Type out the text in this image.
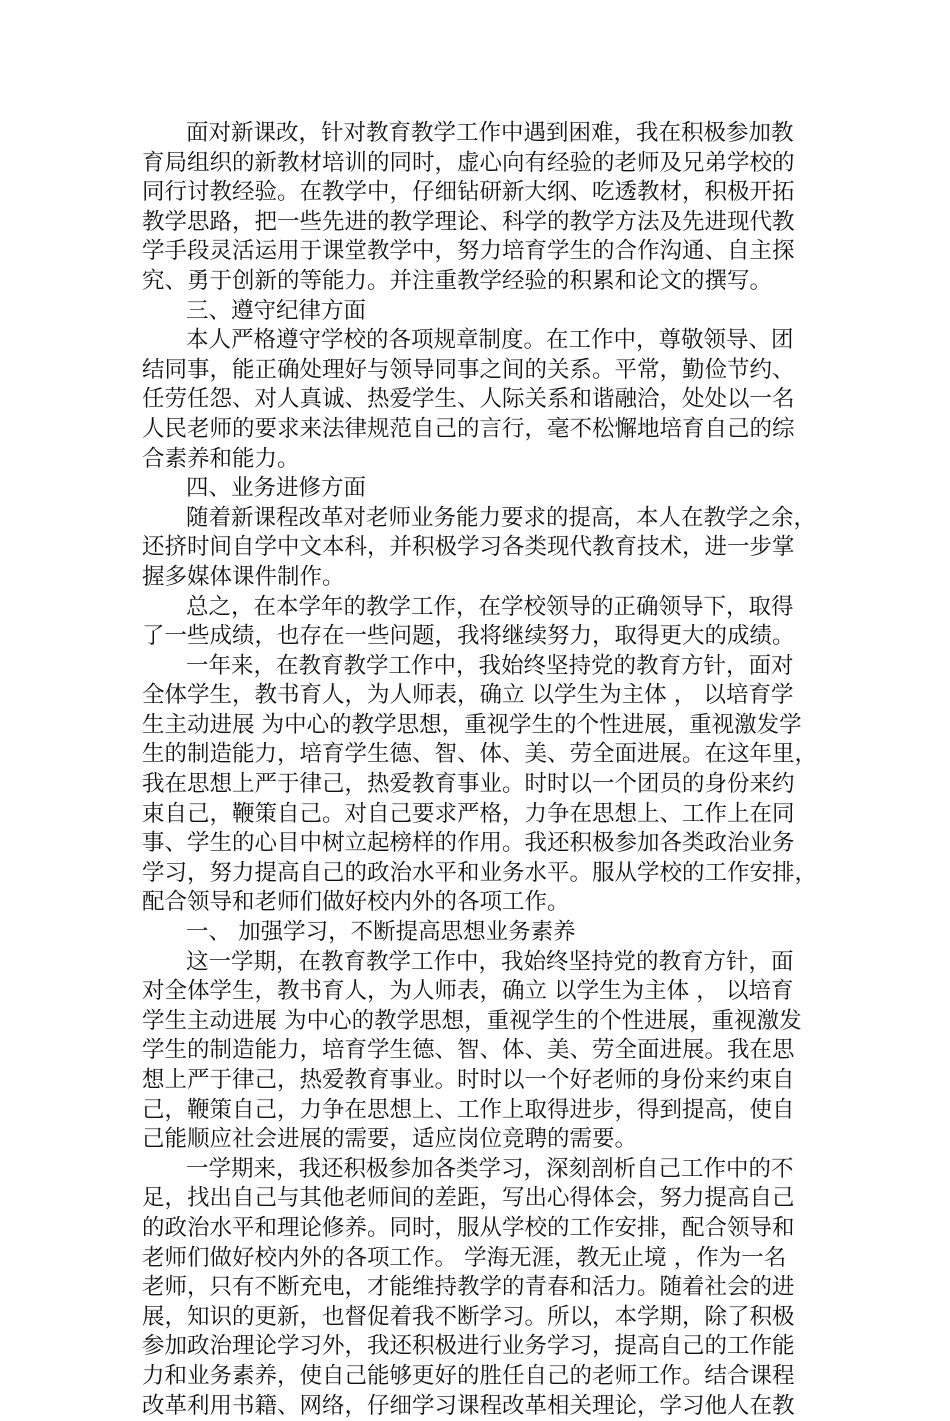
面对新课改，针对教育教学工作中遇到困难，我在积极参加教
育局组织的新教材培训的同时，虚心向有经验的老师及兄弟学校的
同行讨教经验。在教学中，仔细钻研新大纲、吃透教材，积极开拓
教学思路，把一些先进的教学理论、科学的教学方法及先进现代教
学手段灵活运用于课堂教学中，努力培育学生的合作沟通、自主探
究、勇于创新的等能力。并注重教学经验的积累和论文的撰写。
三、遵守纪律方面
本人严格遵守学校的各项规章制度。在工作中，尊敬领导、团
结同事，能正确处理好与领导同事之间的关系。平常，勤俭节约、
任劳任怨、对人真诚、热爱学生、人际关系和谐融洽，处处以一名
人民老师的要求来法律规范自己的言行，毫不松懈地培育自己的综
合素养和能力。
四、业务进修方面
随着新课程改革对老师业务能力要求的提高，本人在教学之余，
还挤时间自学中文本科，并积极学习各类现代教育技术，进一步掌
握多媒体课件制作。
总之，在本学年的教学工作，在学校领导的正确领导下，取得
了一些成绩，也存在一些问题，我将继续努力，取得更大的成绩。
一年来，在教育教学工作中，我始终坚持党的教育方针，面对
全体学生，教书育人，为人师表，确立 以学生为主体 ， 以培育学
生主动进展 为中心的教学思想，重视学生的个性进展，重视激发学
生的制造能力，培育学生德、智、体、美、劳全面进展。在这年里，
我在思想上严于律己，热爱教育事业。时时以一个团员的身份来约
束自己，鞭策自己。对自己要求严格，力争在思想上、工作上在同
事、学生的心目中树立起榜样的作用。我还积极参加各类政治业务
学习，努力提高自己的政治水平和业务水平。服从学校的工作安排，
配合领导和老师们做好校内外的各项工作。
一、 加强学习，不断提高思想业务素养
这一学期，在教育教学工作中，我始终坚持党的教育方针，面
对全体学生，教书育人，为人师表，确立 以学生为主体 ， 以培育
学生主动进展 为中心的教学思想，重视学生的个性进展，重视激发
学生的制造能力，培育学生德、智、体、美、劳全面进展。我在思
想上严于律己，热爱教育事业。时时以一个好老师的身份来约束自
己，鞭策自己，力争在思想上、工作上取得进步，得到提高，使自
己能顺应社会进展的需要，适应岗位竞聘的需要。
一学期来，我还积极参加各类学习，深刻剖析自己工作中的不
足，找出自己与其他老师间的差距，写出心得体会，努力提高自己
的政治水平和理论修养。同时，服从学校的工作安排，配合领导和
老师们做好校内外的各项工作。 学海无涯，教无止境 ，作为一名
老师，只有不断充电，才能维持教学的青春和活力。随着社会的进
展，知识的更新，也督促着我不断学习。所以，本学期，除了积极
参加政治理论学习外，我还积极进行业务学习，提高自己的工作能
力和业务素养，使自己能够更好的胜任自己的老师工作。结合课程
改革利用书籍、网络，仔细学习课程改革相关理论，学习他人在教
